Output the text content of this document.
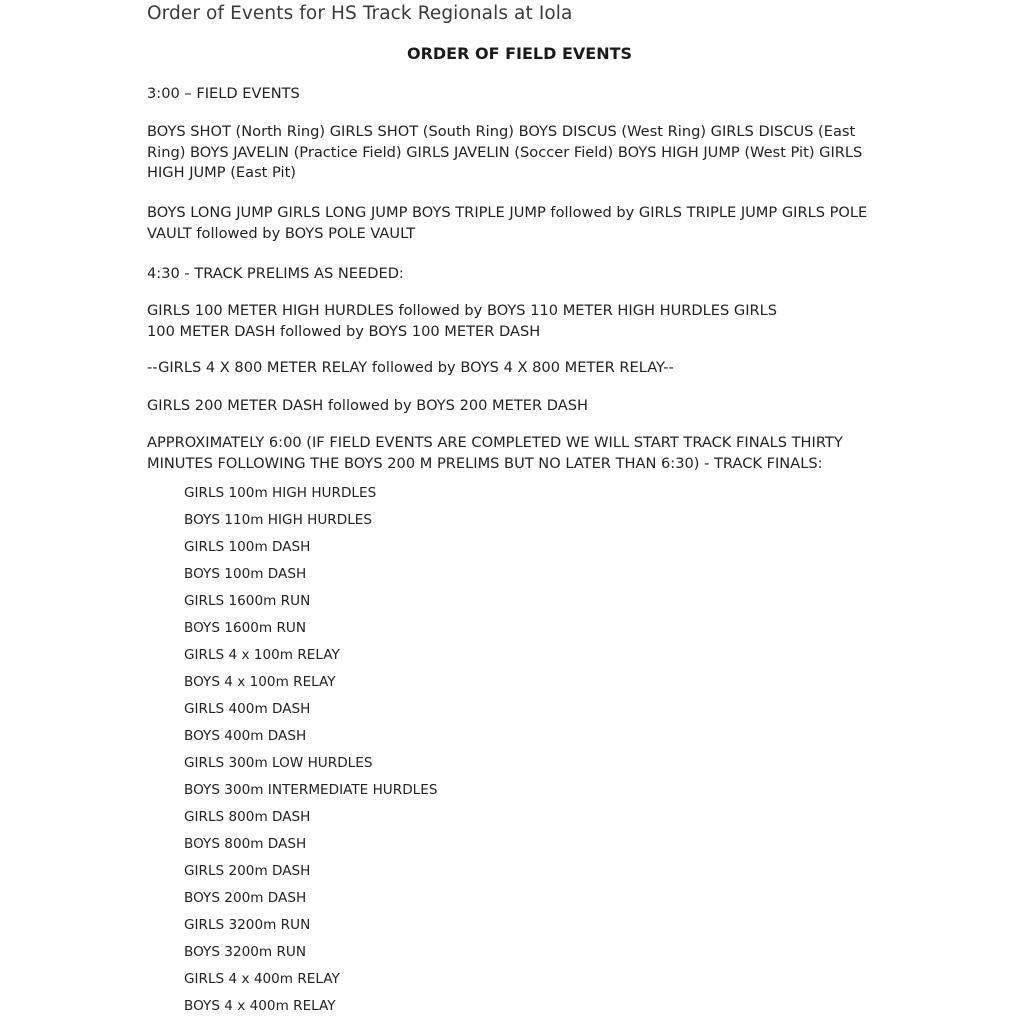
Order of Events for HS Track Regionals at Iola
ORDER OF FIELD EVENTS
3:00 – FIELD EVENTS
BOYS SHOT (North Ring) GIRLS SHOT (South Ring) BOYS DISCUS (West Ring) GIRLS DISCUS (East Ring) BOYS JAVELIN (Practice Field) GIRLS JAVELIN (Soccer Field) BOYS HIGH JUMP (West Pit) GIRLS HIGH JUMP (East Pit)
BOYS LONG JUMP GIRLS LONG JUMP BOYS TRIPLE JUMP followed by GIRLS TRIPLE JUMP GIRLS POLE VAULT followed by BOYS POLE VAULT
4:30 - TRACK PRELIMS AS NEEDED:
GIRLS 100 METER HIGH HURDLES followed by BOYS 110 METER HIGH HURDLES GIRLS 100 METER DASH followed by BOYS 100 METER DASH
--GIRLS 4 X 800 METER RELAY followed by BOYS 4 X 800 METER RELAY--
GIRLS 200 METER DASH followed by BOYS 200 METER DASH
APPROXIMATELY 6:00 (IF FIELD EVENTS ARE COMPLETED WE WILL START TRACK FINALS THIRTY MINUTES FOLLOWING THE BOYS 200 M PRELIMS BUT NO LATER THAN 6:30) - TRACK FINALS:
GIRLS 100m HIGH HURDLES
BOYS 110m HIGH HURDLES
GIRLS 100m DASH
BOYS 100m DASH
GIRLS 1600m RUN
BOYS 1600m RUN
GIRLS 4 x 100m RELAY
BOYS 4 x 100m RELAY
GIRLS 400m DASH
BOYS 400m DASH
GIRLS 300m LOW HURDLES
BOYS 300m INTERMEDIATE HURDLES
GIRLS 800m DASH
BOYS 800m DASH
GIRLS 200m DASH
BOYS 200m DASH
GIRLS 3200m RUN
BOYS 3200m RUN
GIRLS 4 x 400m RELAY
BOYS 4 x 400m RELAY
